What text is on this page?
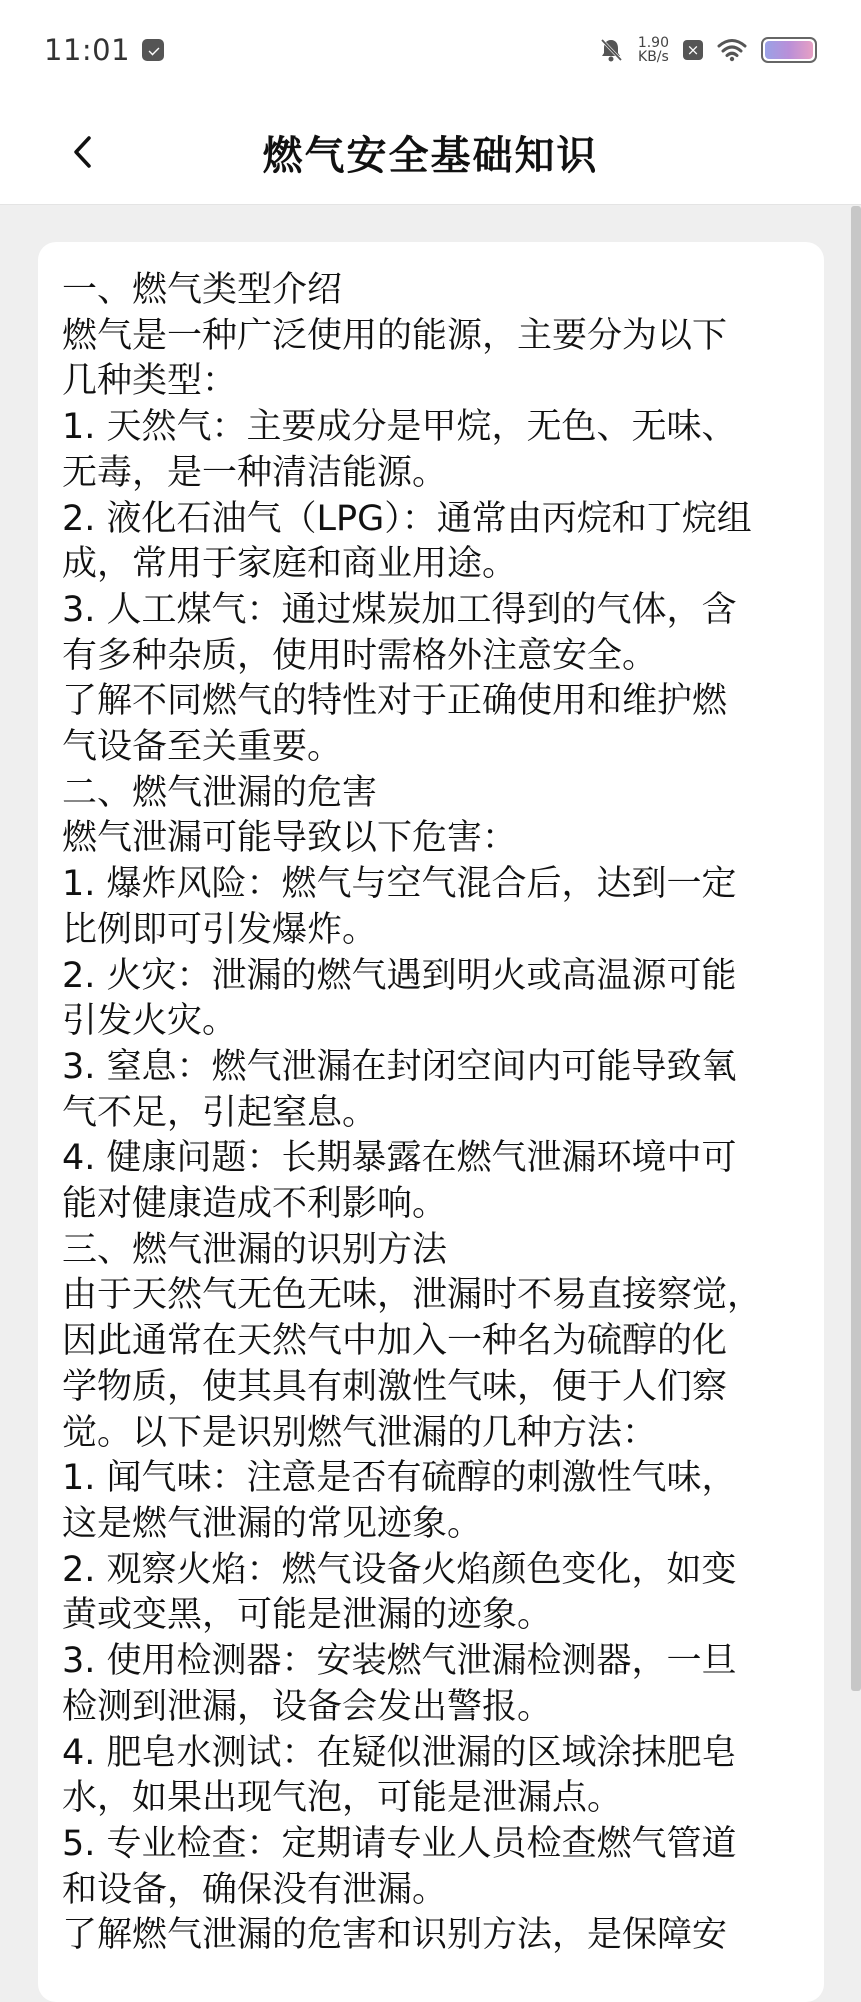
11:01	1.90
KB/s ×
燃气安全基础知识
一、燃气类型介绍
燃气是一种广泛使用的能源，主要分为以下
几种类型：
1. 天然气：主要成分是甲烷，无色、无味、
无毒，是一种清洁能源。
2. 液化石油气（LPG）：通常由丙烷和丁烷组
成，常用于家庭和商业用途。
3. 人工煤气：通过煤炭加工得到的气体，含
有多种杂质，使用时需格外注意安全。
了解不同燃气的特性对于正确使用和维护燃
气设备至关重要。
二、燃气泄漏的危害
燃气泄漏可能导致以下危害：
1. 爆炸风险：燃气与空气混合后，达到一定
比例即可引发爆炸。
2. 火灾：泄漏的燃气遇到明火或高温源可能
引发火灾。
3. 窒息：燃气泄漏在封闭空间内可能导致氧
气不足，引起窒息。
4. 健康问题：长期暴露在燃气泄漏环境中可
能对健康造成不利影响。
三、燃气泄漏的识别方法
由于天然气无色无味，泄漏时不易直接察觉，
因此通常在天然气中加入一种名为硫醇的化
学物质，使其具有刺激性气味，便于人们察
觉。以下是识别燃气泄漏的几种方法：
1. 闻气味：注意是否有硫醇的刺激性气味，
这是燃气泄漏的常见迹象。
2. 观察火焰：燃气设备火焰颜色变化，如变
黄或变黑，可能是泄漏的迹象。
3. 使用检测器：安装燃气泄漏检测器，一旦
检测到泄漏，设备会发出警报。
4. 肥皂水测试：在疑似泄漏的区域涂抹肥皂
水，如果出现气泡，可能是泄漏点。
5. 专业检查：定期请专业人员检查燃气管道
和设备，确保没有泄漏。
了解燃气泄漏的危害和识别方法，是保障安
